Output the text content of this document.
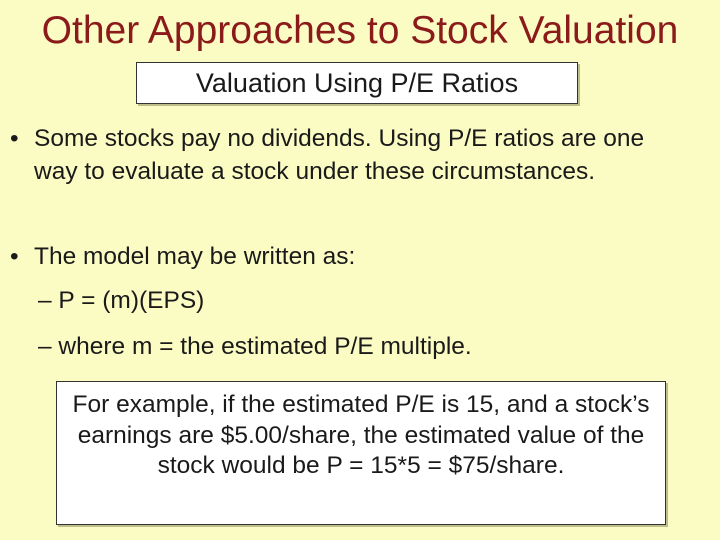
Other Approaches to Stock Valuation
Valuation Using P/E Ratios
• Some stocks pay no dividends. Using P/E ratios are one way to evaluate a stock under these circumstances.
• The model may be written as:
– P = (m)(EPS)
– where m = the estimated P/E multiple.
For example, if the estimated P/E is 15, and a stock’s earnings are $5.00/share, the estimated value of the stock would be P = 15*5 = $75/share.
